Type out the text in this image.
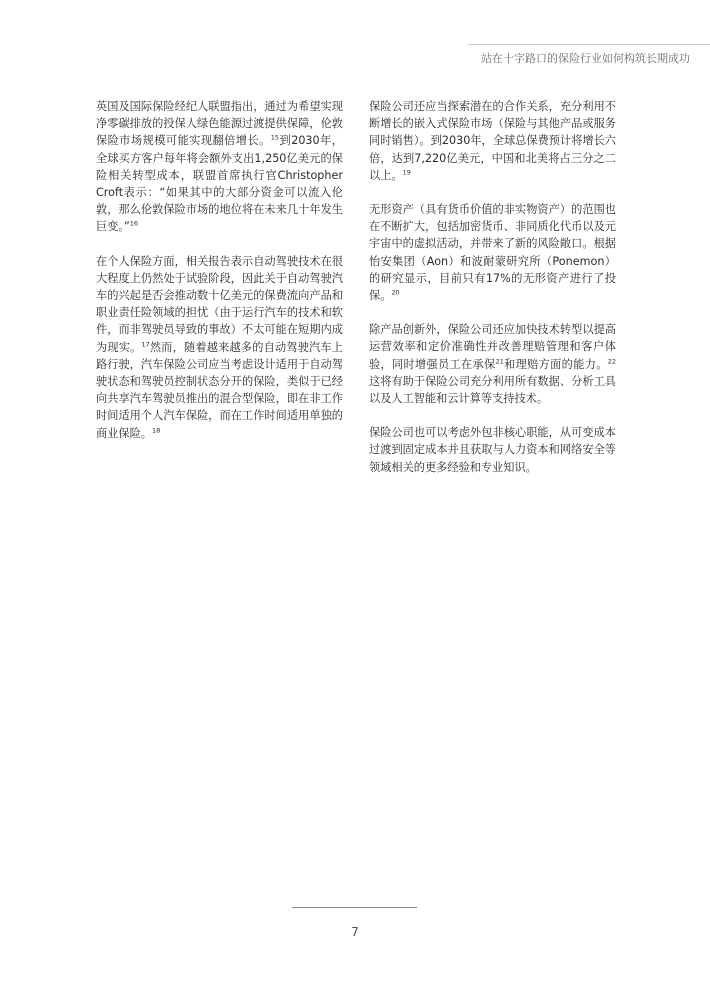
站在十字路口的保险行业如何构筑长期成功

英国及国际保险经纪人联盟指出，通过为希望实现净零碳排放的投保人绿色能源过渡提供保障，伦敦保险市场规模可能实现翻倍增长。$^{15}$到2030年，全球买方客户每年将会额外支出1,250亿美元的保险相关转型成本，联盟首席执行官Christopher Croft表示：“如果其中的大部分资金可以流入伦敦，那么伦敦保险市场的地位将在未来几十年发生巨变。”$^{16}$

在个人保险方面，相关报告表示自动驾驶技术在很大程度上仍然处于试验阶段，因此关于自动驾驶汽车的兴起是否会推动数十亿美元的保费流向产品和职业责任险领域的担忧（由于运行汽车的技术和软件，而非驾驶员导致的事故）不太可能在短期内成为现实。$^{17}$然而，随着越来越多的自动驾驶汽车上路行驶，汽车保险公司应当考虑设计适用于自动驾驶状态和驾驶员控制状态分开的保险，类似于已经向共享汽车驾驶员推出的混合型保险，即在非工作时间适用个人汽车保险，而在工作时间适用单独的商业保险。$^{18}$

保险公司还应当探索潜在的合作关系，充分利用不断增长的嵌入式保险市场（保险与其他产品或服务同时销售）。到2030年，全球总保费预计将增长六倍，达到7,220亿美元，中国和北美将占三分之二以上。$^{19}$

无形资产（具有货币价值的非实物资产）的范围也在不断扩大，包括加密货币、非同质化代币以及元宇宙中的虚拟活动，并带来了新的风险敞口。根据怡安集团（Aon）和波耐蒙研究所（Ponemon）的研究显示，目前只有17%的无形资产进行了投保。$^{20}$

除产品创新外，保险公司还应加快技术转型以提高运营效率和定价准确性并改善理赔管理和客户体验，同时增强员工在承保$^{21}$和理赔方面的能力。$^{22}$这将有助于保险公司充分利用所有数据、分析工具以及人工智能和云计算等支持技术。

保险公司也可以考虑外包非核心职能，从可变成本过渡到固定成本并且获取与人力资本和网络安全等领域相关的更多经验和专业知识。

7
